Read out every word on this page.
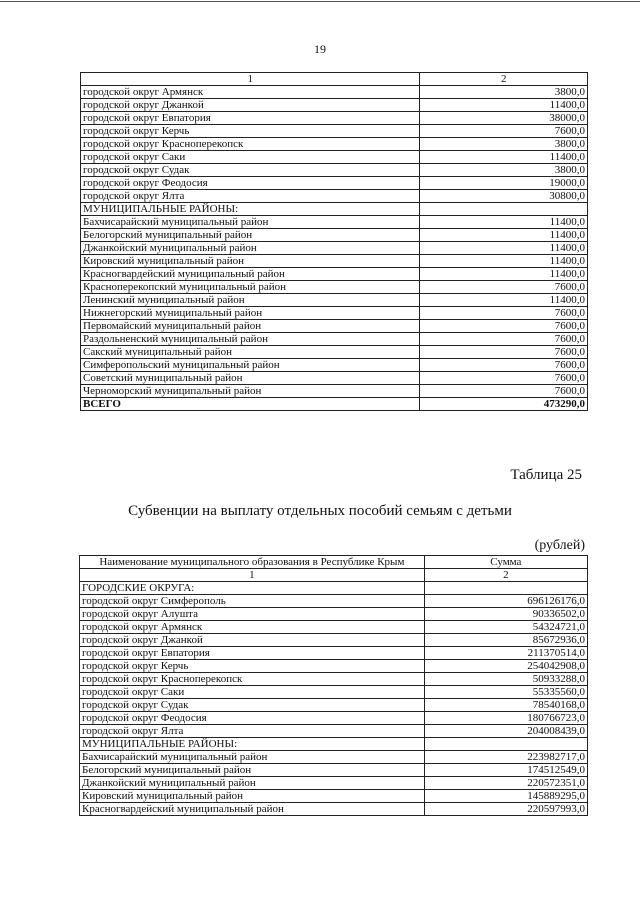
19
1	2
городской округ Армянск	3800,0
городской округ Джанкой	11400,0
городской округ Евпатория	38000,0
городской округ Керчь	7600,0
городской округ Красноперекопск	3800,0
городской округ Саки	11400,0
городской округ Судак	3800,0
городской округ Феодосия	19000,0
городской округ Ялта	30800,0
МУНИЦИПАЛЬНЫЕ РАЙОНЫ:	
Бахчисарайский муниципальный район	11400,0
Белогорский муниципальный район	11400,0
Джанкойский муниципальный район	11400,0
Кировский муниципальный район	11400,0
Красногвардейский муниципальный район	11400,0
Красноперекопский муниципальный район	7600,0
Ленинский муниципальный район	11400,0
Нижнегорский муниципальный район	7600,0
Первомайский муниципальный район	7600,0
Раздольненский муниципальный район	7600,0
Сакский муниципальный район	7600,0
Симферопольский муниципальный район	7600,0
Советский муниципальный район	7600,0
Черноморский муниципальный район	7600,0
ВСЕГО	473290,0
Таблица 25
Субвенции на выплату отдельных пособий семьям с детьми
(рублей)
Наименование муниципального образования в Республике Крым	Сумма
1	2
ГОРОДСКИЕ ОКРУГА:	
городской округ Симферополь	696126176,0
городской округ Алушта	90336502,0
городской округ Армянск	54324721,0
городской округ Джанкой	85672936,0
городской округ Евпатория	211370514,0
городской округ Керчь	254042908,0
городской округ Красноперекопск	50933288,0
городской округ Саки	55335560,0
городской округ Судак	78540168,0
городской округ Феодосия	180766723,0
городской округ Ялта	204008439,0
МУНИЦИПАЛЬНЫЕ РАЙОНЫ:	
Бахчисарайский муниципальный район	223982717,0
Белогорский муниципальный район	174512549,0
Джанкойский муниципальный район	220572351,0
Кировский муниципальный район	145889295,0
Красногвардейский муниципальный район	220597993,0
